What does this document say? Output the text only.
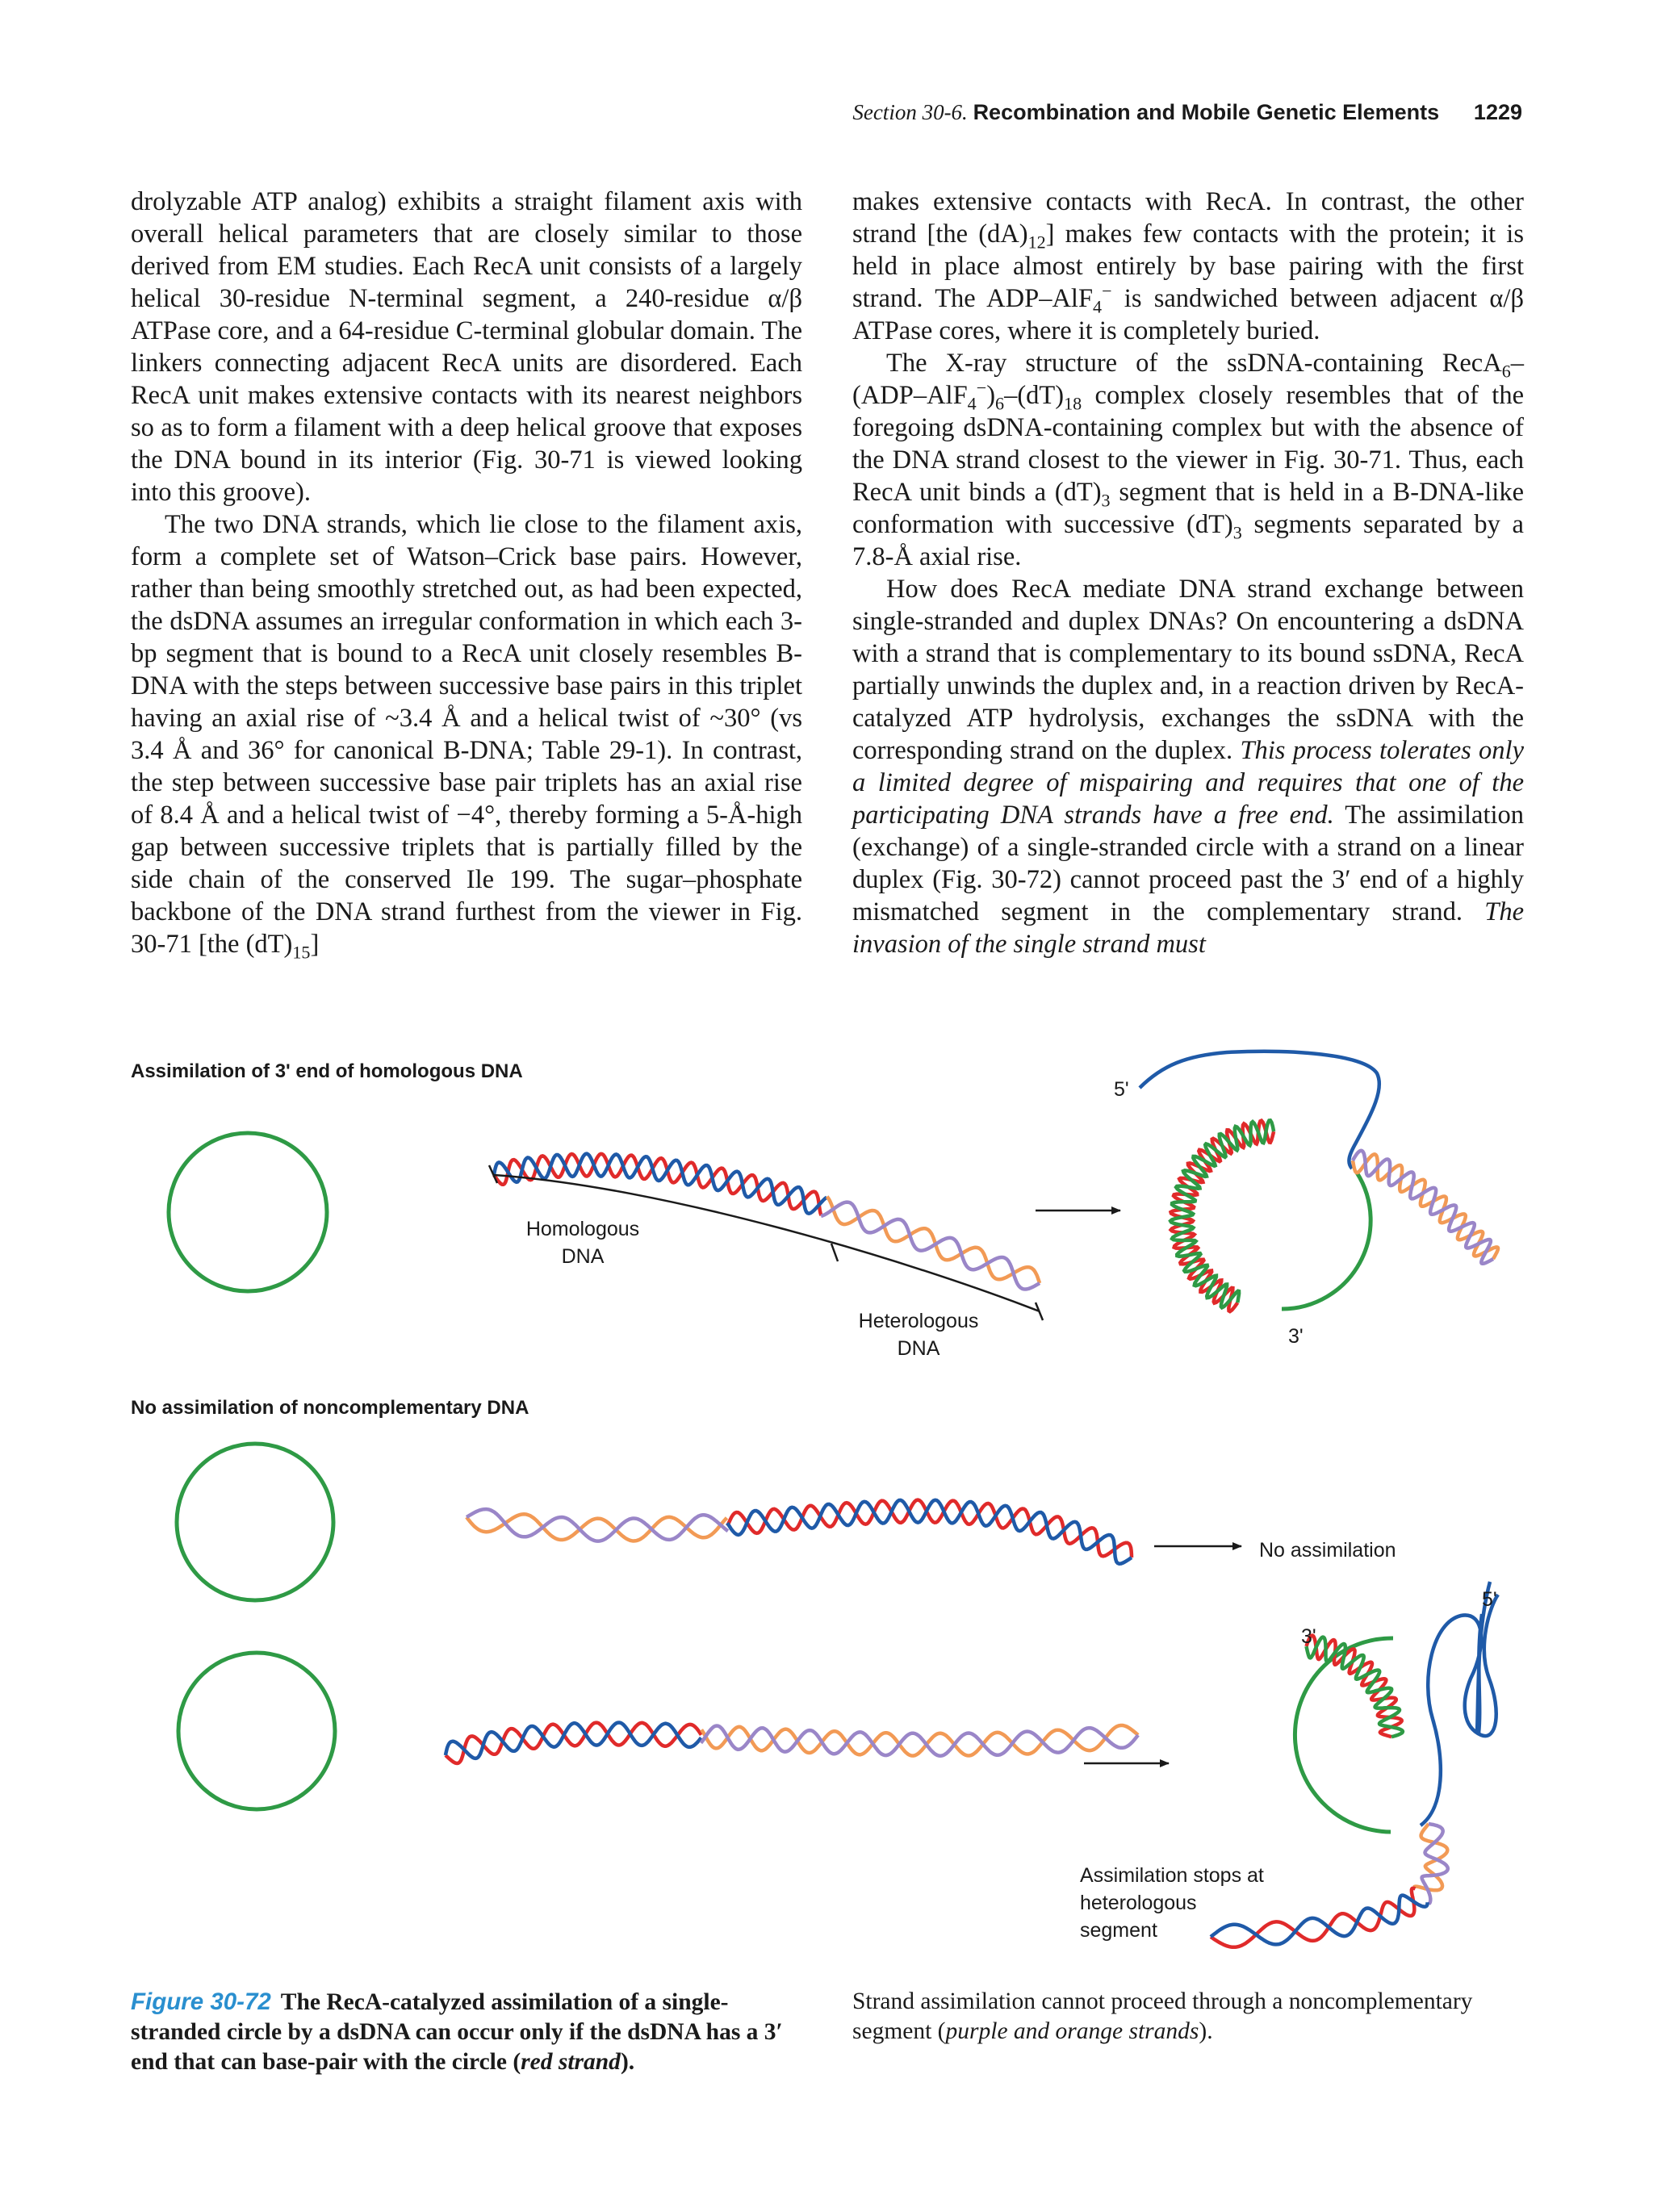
Section 30-6. Recombination and Mobile Genetic Elements 1229

drolyzable ATP analog) exhibits a straight filament axis with overall helical parameters that are closely similar to those derived from EM studies. Each RecA unit consists of a largely helical 30-residue N-terminal segment, a 240-residue α/β ATPase core, and a 64-residue C-terminal globular domain. The linkers connecting adjacent RecA units are disordered. Each RecA unit makes extensive contacts with its nearest neighbors so as to form a filament with a deep helical groove that exposes the DNA bound in its interior (Fig. 30-71 is viewed looking into this groove).

The two DNA strands, which lie close to the filament axis, form a complete set of Watson–Crick base pairs. However, rather than being smoothly stretched out, as had been expected, the dsDNA assumes an irregular conformation in which each 3-bp segment that is bound to a RecA unit closely resembles B-DNA with the steps between successive base pairs in this triplet having an axial rise of ~3.4 Å and a helical twist of ~30° (vs 3.4 Å and 36° for canonical B-DNA; Table 29-1). In contrast, the step between successive base pair triplets has an axial rise of 8.4 Å and a helical twist of −4°, thereby forming a 5-Å-high gap between successive triplets that is partially filled by the side chain of the conserved Ile 199. The sugar–phosphate backbone of the DNA strand furthest from the viewer in Fig. 30-71 [the $(dT)_{15}$]

makes extensive contacts with RecA. In contrast, the other strand [the $(dA)_{12}$] makes few contacts with the protein; it is held in place almost entirely by base pairing with the first strand. The ADP–AlF$_4$− is sandwiched between adjacent α/β ATPase cores, where it is completely buried.

The X-ray structure of the ssDNA-containing $RecA_6-(ADP-AlF_4^-)_6-(dT)_{18}$ complex closely resembles that of the foregoing dsDNA-containing complex but with the absence of the DNA strand closest to the viewer in Fig. 30-71. Thus, each RecA unit binds a $(dT)_3$ segment that is held in a B-DNA-like conformation with successive $(dT)_3$ segments separated by a 7.8-Å axial rise.

How does RecA mediate DNA strand exchange between single-stranded and duplex DNAs? On encountering a dsDNA with a strand that is complementary to its bound ssDNA, RecA partially unwinds the duplex and, in a reaction driven by RecA-catalyzed ATP hydrolysis, exchanges the ssDNA with the corresponding strand on the duplex. This process tolerates only a limited degree of mispairing and requires that one of the participating DNA strands have a free end. The assimilation (exchange) of a single-stranded circle with a strand on a linear duplex (Fig. 30-72) cannot proceed past the 3′ end of a highly mismatched segment in the complementary strand. The invasion of the single strand must

Assimilation of 3' end of homologous DNA
No assimilation of noncomplementary DNA
Homologous
DNA
Heterologous
DNA
5'
3'
No assimilation
5'
3'
Assimilation stops at
heterologous
segment
Figure 30-72 The RecA-catalyzed assimilation of a single-stranded circle by a dsDNA can occur only if the dsDNA has a 3′ end that can base-pair with the circle (red strand).
Strand assimilation cannot proceed through a noncomplementary segment (purple and orange strands).
